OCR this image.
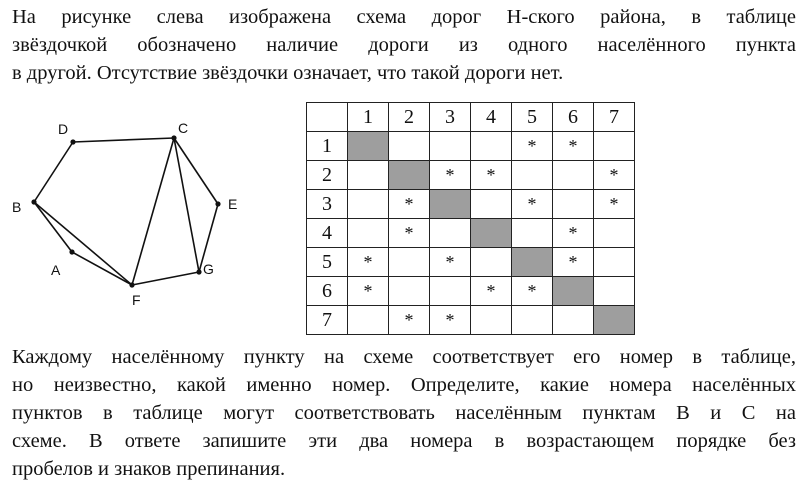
На рисунке слева изображена схема дорог Н-ского района, в таблице
звёздочкой обозначено наличие дороги из одного населённого пункта
в другой. Отсутствие звёздочки означает, что такой дороги нет.

D	C
B	E
A	G
F
	1	2	3	4	5	6	7
1					*	*	
2			*	*			*
3		*			*		*
4		*				*	
5	*		*			*	
6	*			*	*		
7		*	*				

Каждому населённому пункту на схеме соответствует его номер в таблице,
но неизвестно, какой именно номер. Определите, какие номера населённых
пунктов в таблице могут соответствовать населённым пунктам B и C на
схеме. В ответе запишите эти два номера в возрастающем порядке без
пробелов и знаков препинания.
